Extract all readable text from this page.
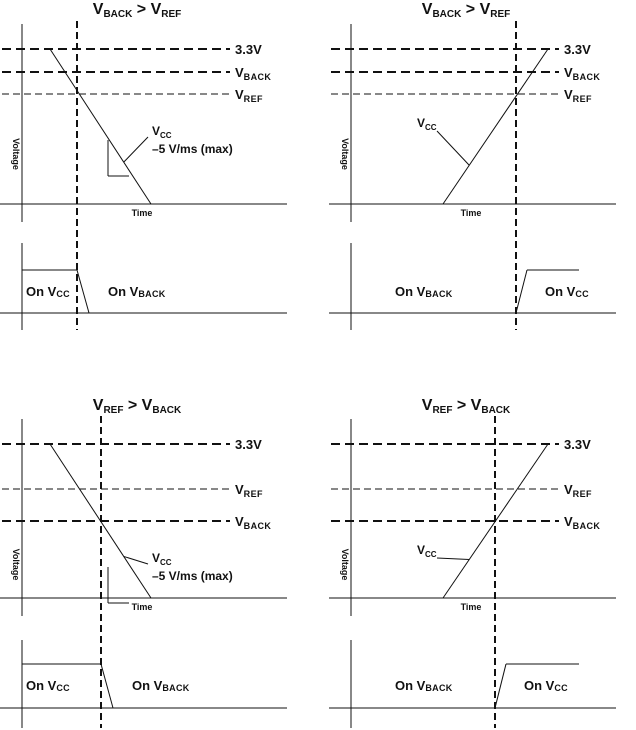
VBACK > VREF
Voltage
Time
3.3V
$V_{BACK}$
$V_{REF}$
$V_{CC}$
–5 V/ms (max)
On VCC	On VBACK
VBACK > VREF
Voltage
Time
3.3V
$V_{BACK}$
$V_{REF}$
$V_{CC}$
On VBACK	On VCC
VREF > VBACK
Voltage
Time
3.3V
$V_{REF}$
$V_{BACK}$
$V_{CC}$
–5 V/ms (max)
On VCC	On VBACK
VREF > VBACK
Voltage
Time
3.3V
$V_{REF}$
$V_{BACK}$
$V_{CC}$
On VBACK	On VCC
